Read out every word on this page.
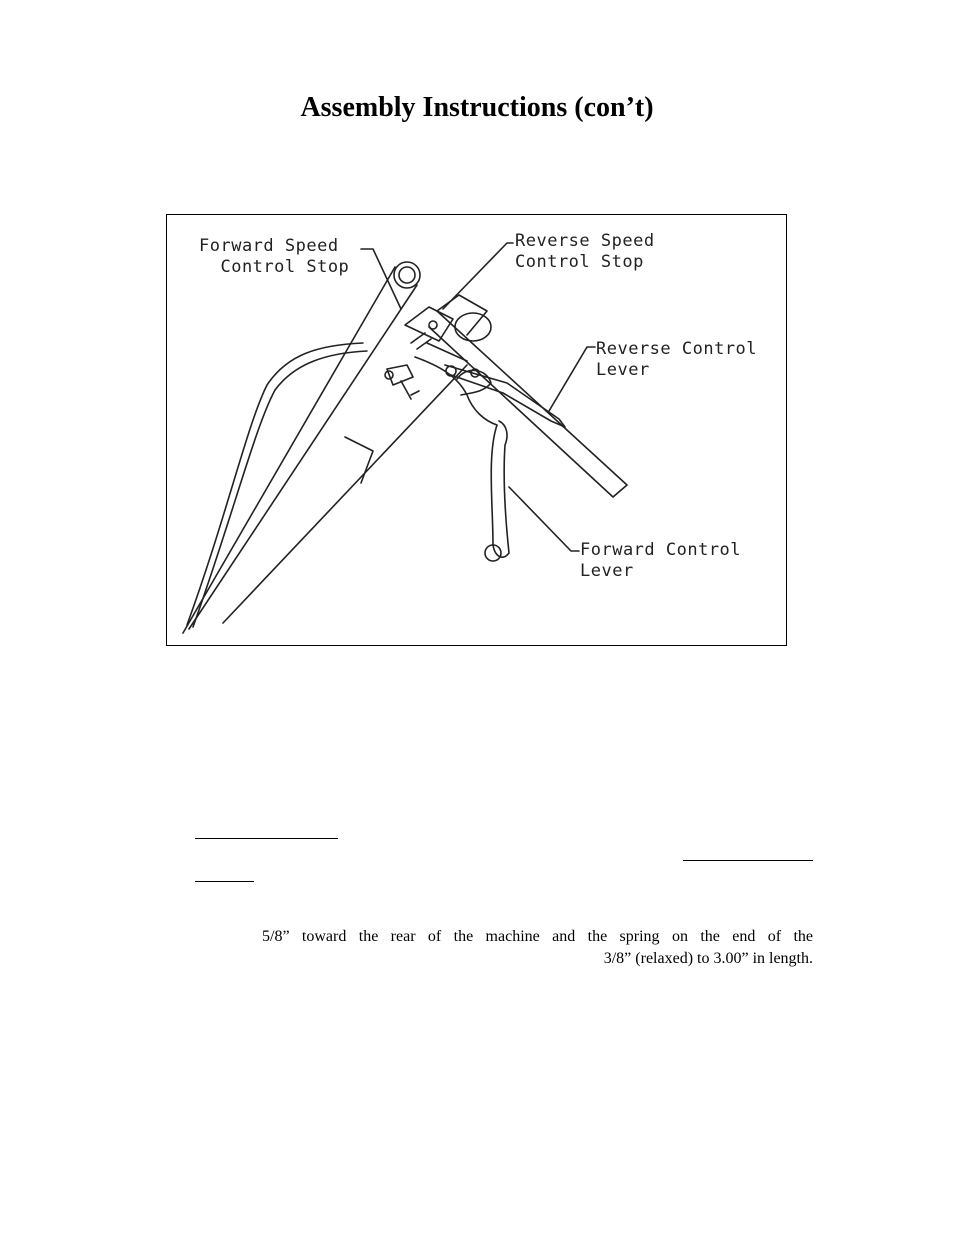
Assembly Instructions (con’t)
Forward Speed
Control Stop
Reverse Speed
Control Stop
Reverse Control
Lever
Forward Control
Lever
5/8” toward the rear of the machine and the spring on the end of the
3/8” (relaxed) to 3.00” in length.
